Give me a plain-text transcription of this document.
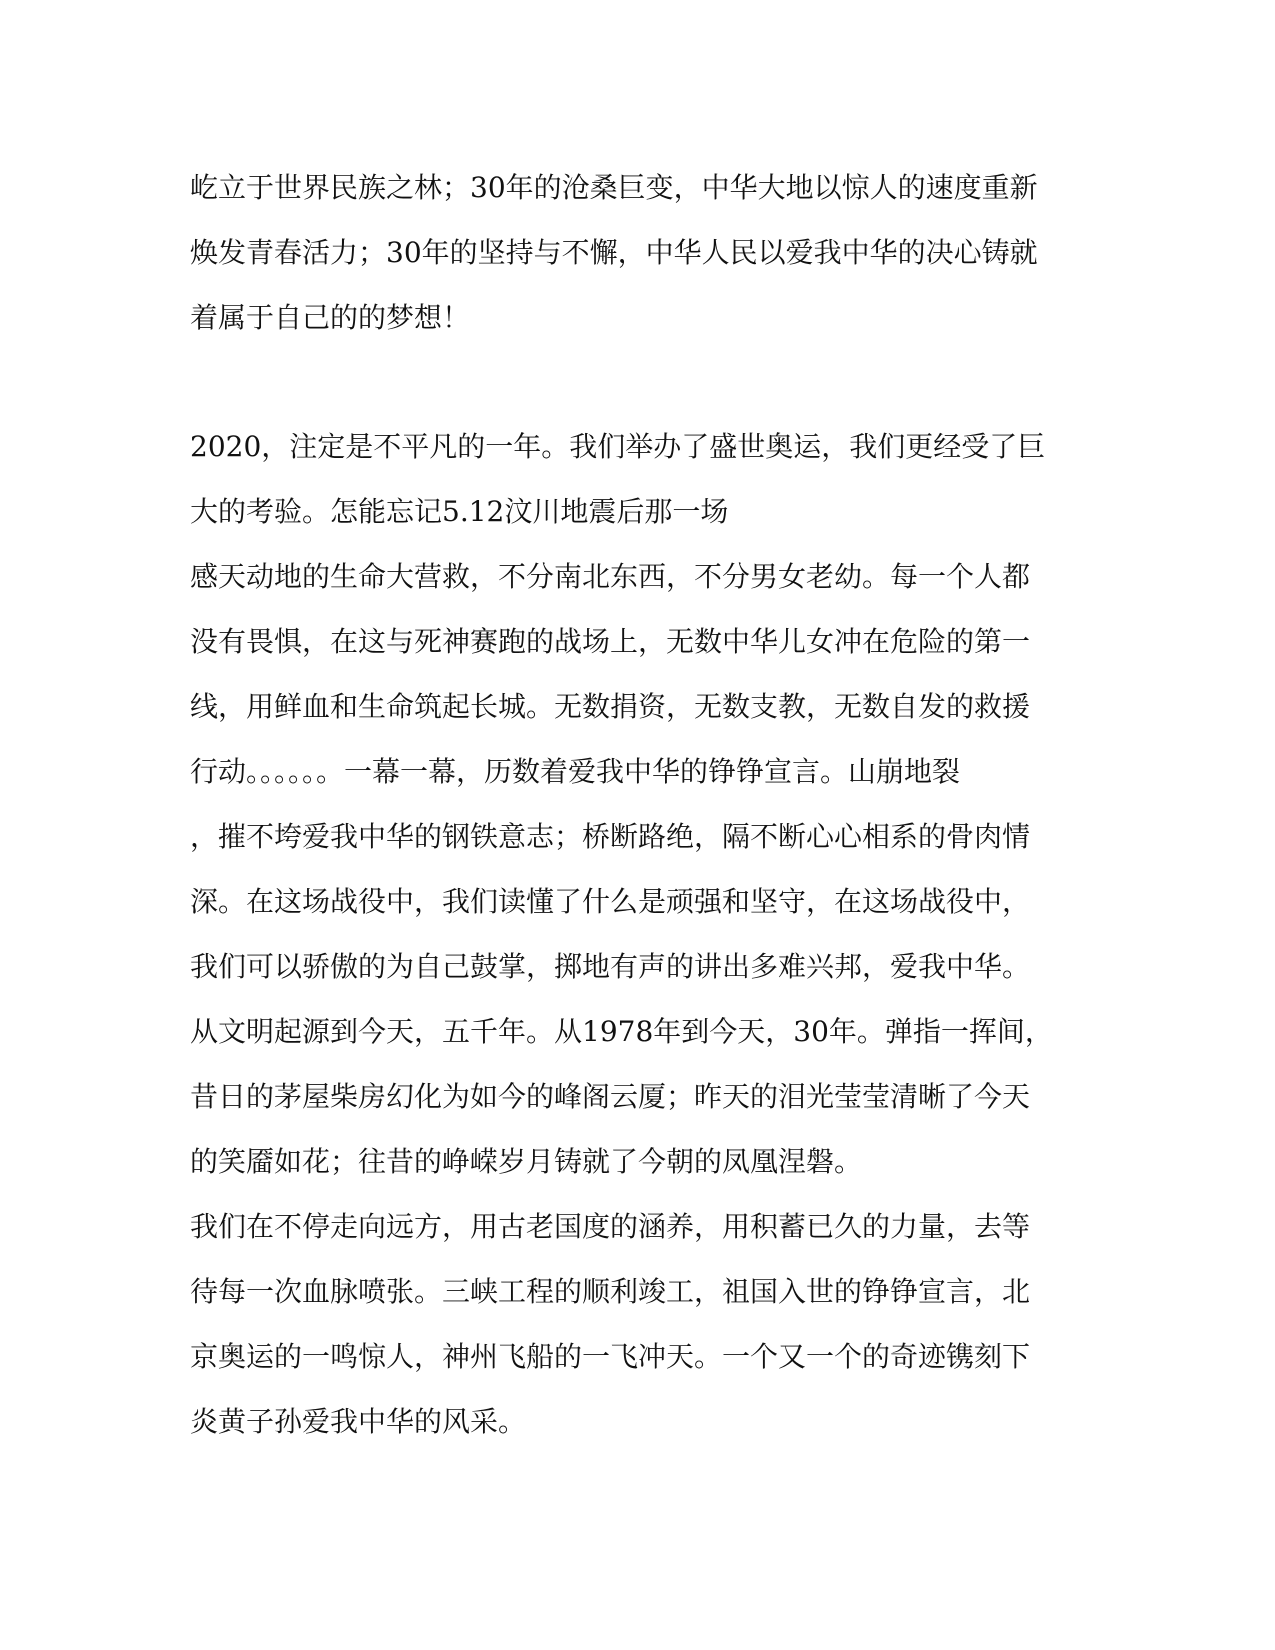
屹立于世界民族之林；30年的沧桑巨变，中华大地以惊人的速度重新
焕发青春活力；30年的坚持与不懈，中华人民以爱我中华的决心铸就
着属于自己的的梦想！
2020，注定是不平凡的一年。我们举办了盛世奥运，我们更经受了巨
大的考验。怎能忘记5.12汶川地震后那一场
感天动地的生命大营救，不分南北东西，不分男女老幼。每一个人都
没有畏惧，在这与死神赛跑的战场上，无数中华儿女冲在危险的第一
线，用鲜血和生命筑起长城。无数捐资，无数支教，无数自发的救援
行动。。。。。。一幕一幕，历数着爱我中华的铮铮宣言。山崩地裂
，摧不垮爱我中华的钢铁意志；桥断路绝，隔不断心心相系的骨肉情
深。在这场战役中，我们读懂了什么是顽强和坚守，在这场战役中，
我们可以骄傲的为自己鼓掌，掷地有声的讲出多难兴邦，爱我中华。
从文明起源到今天，五千年。从1978年到今天，30年。弹指一挥间，
昔日的茅屋柴房幻化为如今的峰阁云厦；昨天的泪光莹莹清晰了今天
的笑靥如花；往昔的峥嵘岁月铸就了今朝的凤凰涅磐。
我们在不停走向远方，用古老国度的涵养，用积蓄已久的力量，去等
待每一次血脉喷张。三峡工程的顺利竣工，祖国入世的铮铮宣言，北
京奥运的一鸣惊人，神州飞船的一飞冲天。一个又一个的奇迹镌刻下
炎黄子孙爱我中华的风采。
